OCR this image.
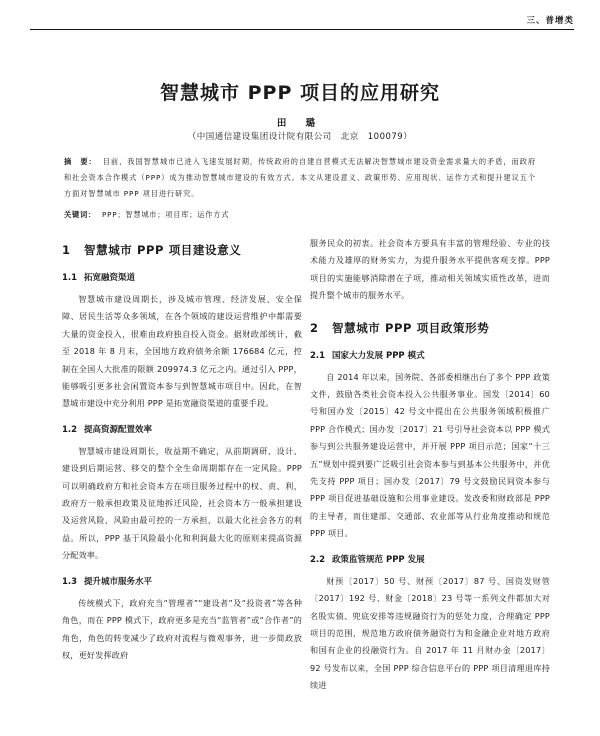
三、普增类
智慧城市 PPP 项目的应用研究
田 璐
（中国通信建设集团设计院有限公司　北京　100079）
摘　要： 目前，我国智慧城市已进入飞速发展时期，传统政府的自建自营模式无法解决智慧城市建设资金需求量大的矛盾，而政府和社会资本合作模式（PPP）成为推动智慧城市建设的有效方式。本文从建设意义、政策形势、应用现状、运作方式和提升建议五个方面对智慧城市 PPP 项目进行研究。
关键词： PPP；智慧城市；项目库；运作方式
1 智慧城市 PPP 项目建设意义
1.1 拓宽融资渠道

智慧城市建设周期长，涉及城市管理、经济发展、安全保障、居民生活等众多领域，在各个领域的建设运营维护中都需要大量的资金投入，很难由政府独自投入资金。据财政部统计，截至 2018 年 8 月末，全国地方政府债务余额 176684 亿元，控制在全国人大批准的限额 209974.3 亿元之内。通过引入 PPP，能够吸引更多社会闲置资本参与到智慧城市项目中。因此，在智慧城市建设中充分利用 PPP 是拓宽融资渠道的重要手段。

1.2 提高资源配置效率

智慧城市建设周期长，收益期不确定，从前期调研、设计、建设到后期运营、移交的整个全生命周期都存在一定风险。PPP 可以明确政府方和社会资本方在项目服务过程中的权、责、利，政府方一般承担政策及征地拆迁风险，社会资本方一般承担建设及运营风险，风险由最可控的一方承担，以最大化社会各方的利益。所以，PPP 基于风险最小化和利润最大化的原则来提高资源分配效率。

1.3 提升城市服务水平

传统模式下，政府充当“管理者”“建设者”及“投资者”等各种角色，而在 PPP 模式下，政府更多是充当“监管者”或“合作者”的角色，角色的转变减少了政府对流程与微观事务，进一步简政放权，更好发挥政府

服务民众的初衷。社会资本方要具有丰富的管理经验、专业的技术能力及雄厚的财务实力，为提升服务水平提供客观支撑。PPP 项目的实施能够消除潜在子项，推动相关领域实质性改革，进而提升整个城市的服务水平。

2 智慧城市 PPP 项目政策形势
2.1 国家大力发展 PPP 模式

自 2014 年以来，国务院、各部委相继出台了多个 PPP 政策文件，鼓励各类社会资本投入公共服务事业。国发〔2014〕60 号和国办发〔2015〕42 号文中提出在公共服务领域积极推广 PPP 合作模式；国办发〔2017〕21 号引导社会资本以 PPP 模式参与到公共服务建设运营中，并开展 PPP 项目示范；国家“十三五”规划中提到要广泛吸引社会资本参与到基本公共服务中，并优先支持 PPP 项目；国办发〔2017〕79 号文鼓励民间资本参与 PPP 项目促进基础设施和公用事业建设。发改委和财政部是 PPP 的主导者，而住建部、交通部、农业部等从行业角度推动和规范 PPP 项目。

2.2 政策监管规范 PPP 发展

财预〔2017〕50 号、财预〔2017〕87 号、国资发财管〔2017〕192 号、财金〔2018〕23 号等一系列文件都加大对名股实债、兜底安排等违规融资行为的惩处力度，合理确定 PPP 项目的范围，规范地方政府债务融资行为和金融企业对地方政府和国有企业的投融资行为。自 2017 年 11 月财办金〔2017〕92 号发布以来，全国 PPP 综合信息平台的 PPP 项目清理退库持续进
